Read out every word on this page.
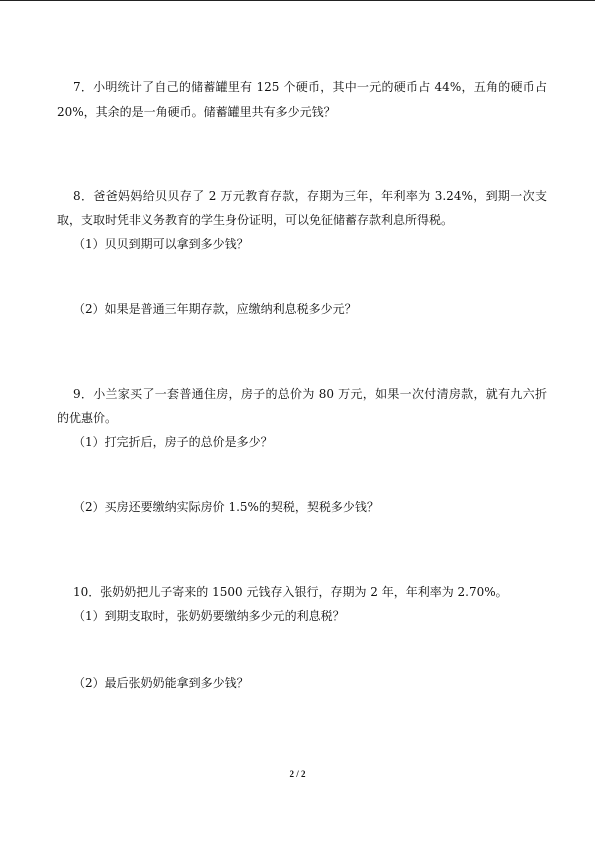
7．小明统计了自己的储蓄罐里有 125 个硬币，其中一元的硬币占 44%，五角的硬币占
20%，其余的是一角硬币。储蓄罐里共有多少元钱？
8．爸爸妈妈给贝贝存了 2 万元教育存款，存期为三年，年利率为 3.24%，到期一次支
取，支取时凭非义务教育的学生身份证明，可以免征储蓄存款利息所得税。
（1）贝贝到期可以拿到多少钱？
（2）如果是普通三年期存款，应缴纳利息税多少元？
9．小兰家买了一套普通住房，房子的总价为 80 万元，如果一次付清房款，就有九六折
的优惠价。
（1）打完折后，房子的总价是多少？
（2）买房还要缴纳实际房价 1.5%的契税，契税多少钱？
10．张奶奶把儿子寄来的 1500 元钱存入银行，存期为 2 年，年利率为 2.70%。
（1）到期支取时，张奶奶要缴纳多少元的利息税？
（2）最后张奶奶能拿到多少钱？
2 / 2
